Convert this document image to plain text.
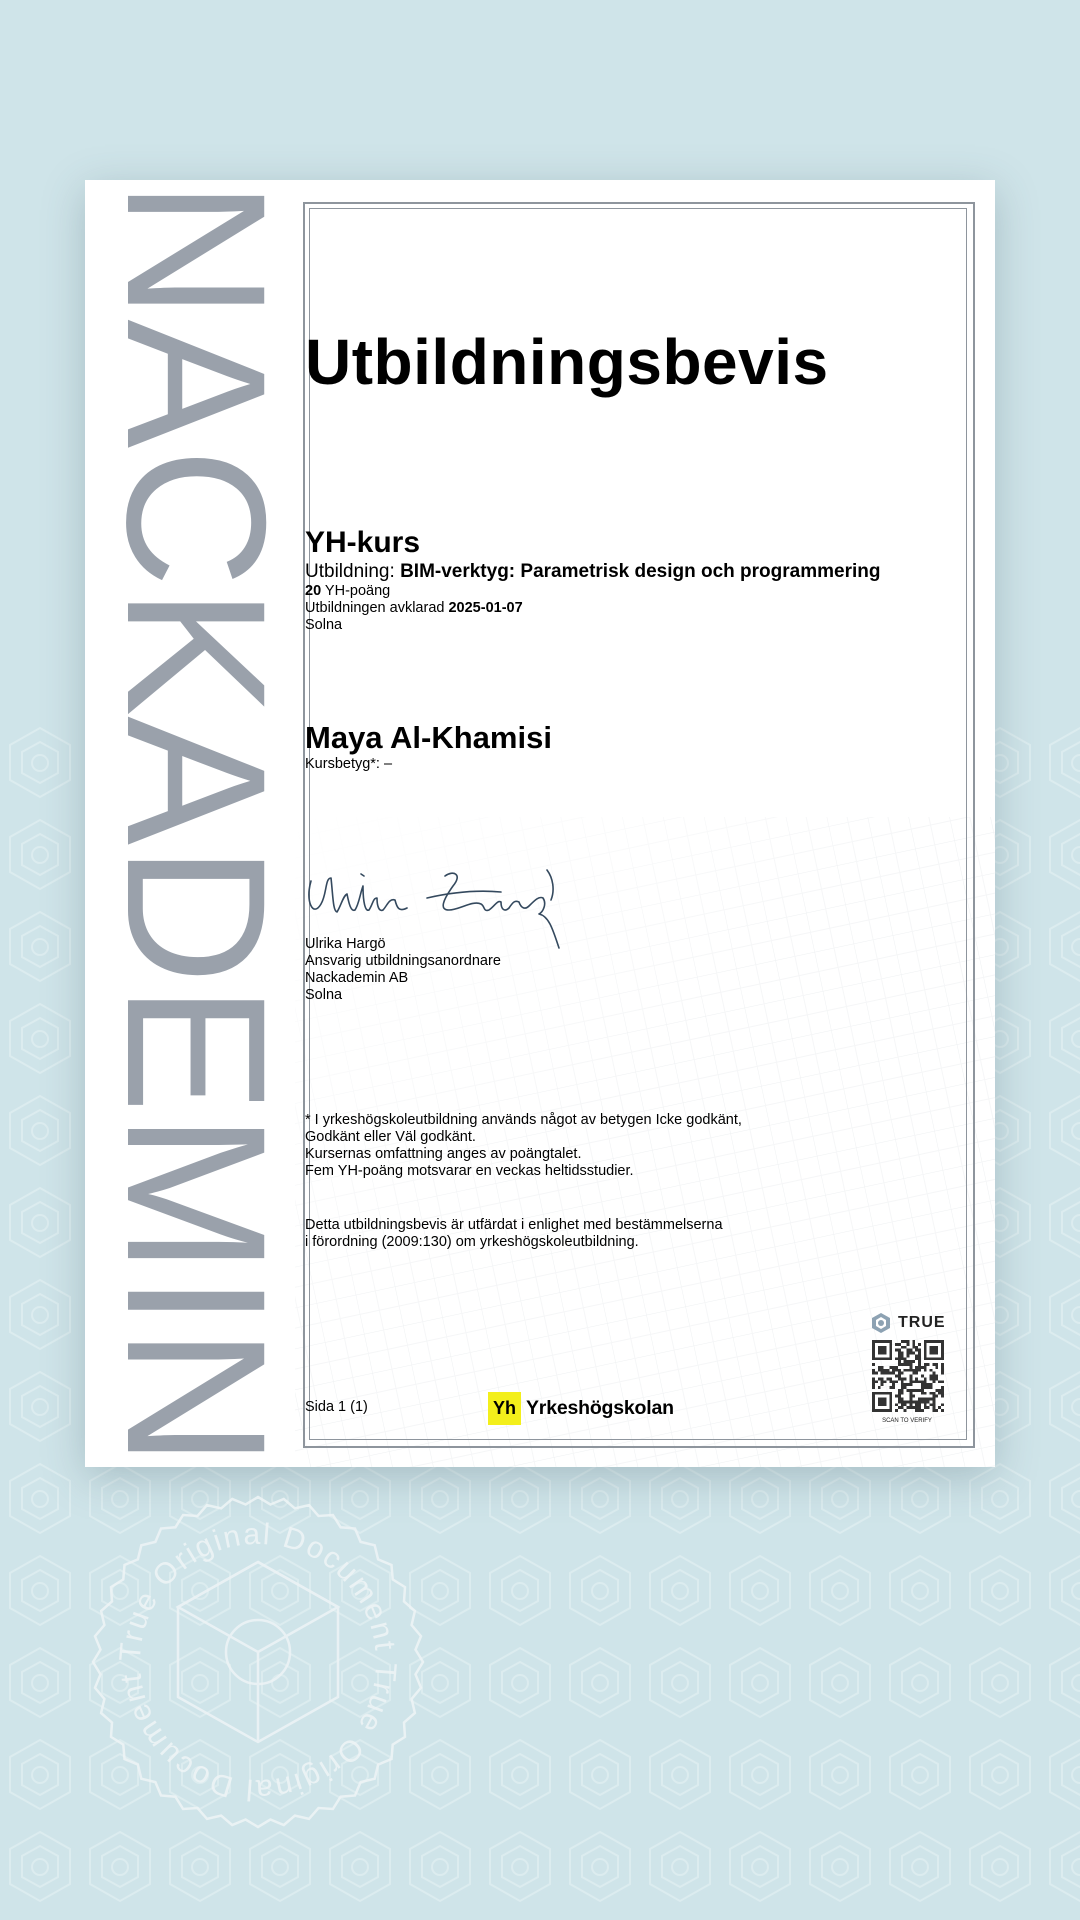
NACKADEMIN
Utbildningsbevis
YH-kurs
Utbildning: BIM-verktyg: Parametrisk design och programmering
20 YH-poäng
Utbildningen avklarad 2025-01-07
Solna
Maya Al-Khamisi
Kursbetyg*: –
Ulrika Hargö
Ansvarig utbildningsanordnare
Nackademin AB
Solna
* I yrkeshögskoleutbildning används något av betygen Icke godkänt,
Godkänt eller Väl godkänt.
Kursernas omfattning anges av poängtalet.
Fem YH-poäng motsvarar en veckas heltidsstudier.
Detta utbildningsbevis är utfärdat i enlighet med bestämmelserna
i förordning (2009:130) om yrkeshögskoleutbildning.
Sida 1 (1)	Yh Yrkeshögskolan
TRUE
SCAN TO VERIFY
True Original Document
True Original Document
